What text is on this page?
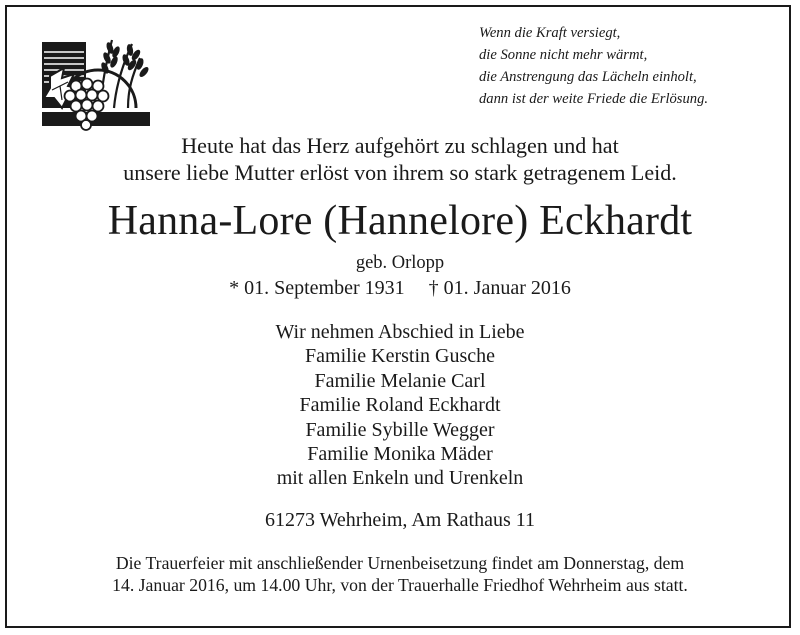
Wenn die Kraft versiegt,
die Sonne nicht mehr wärmt,
die Anstrengung das Lächeln einholt,
dann ist der weite Friede die Erlösung.
Heute hat das Herz aufgehört zu schlagen und hat
unsere liebe Mutter erlöst von ihrem so stark getragenem Leid.
Hanna-Lore (Hannelore) Eckhardt
geb. Orlopp
* 01. September 1931 † 01. Januar 2016
Wir nehmen Abschied in Liebe
Familie Kerstin Gusche
Familie Melanie Carl
Familie Roland Eckhardt
Familie Sybille Wegger
Familie Monika Mäder
mit allen Enkeln und Urenkeln
61273 Wehrheim, Am Rathaus 11
Die Trauerfeier mit anschließender Urnenbeisetzung findet am Donnerstag, dem
14. Januar 2016, um 14.00 Uhr, von der Trauerhalle Friedhof Wehrheim aus statt.
